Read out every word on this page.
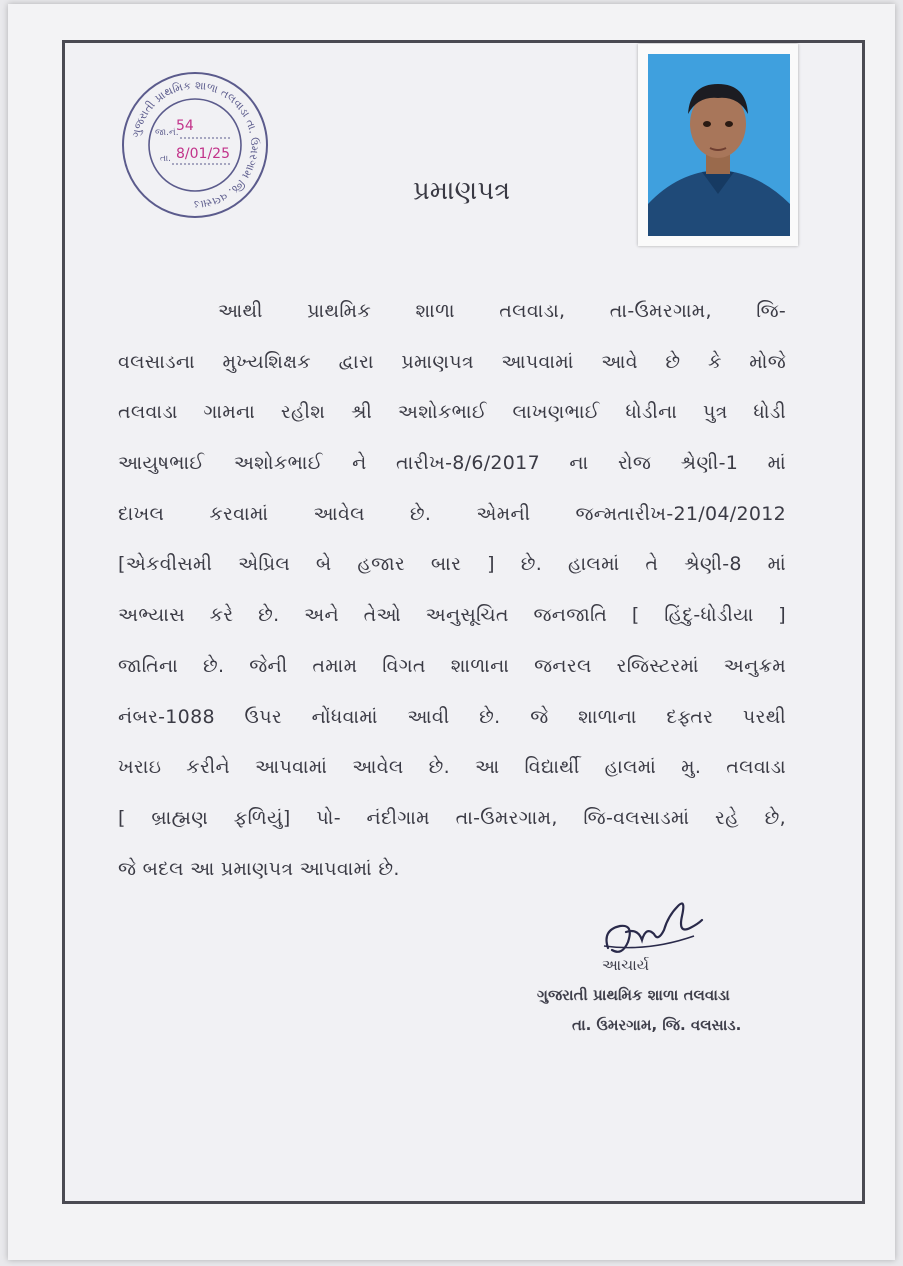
ગુજરાતી પ્રાથમિક શાળા તલવાડા તા. ઉમરગામ જિ. વલસાડ
જા.નં.
54
તા. 8/01/25
પ્રમાણપત્ર
આથી પ્રાથમિક શાળા તલવાડા, તા-ઉમરગામ, જિ-
વલસાડના મુખ્યશિક્ષક દ્વારા પ્રમાણપત્ર આપવામાં આવે છે કે મોજે
તલવાડા ગામના રહીશ શ્રી અશોકભાઈ લાખણભાઈ ધોડીના પુત્ર ધોડી
આયુષભાઈ અશોકભાઈ ને તારીખ-8/6/2017 ના રોજ શ્રેણી-1 માં
દાખલ કરવામાં આવેલ છે. એમની જન્મતારીખ-21/04/2012
[એકવીસમી એપ્રિલ બે હજાર બાર ] છે. હાલમાં તે શ્રેણી-8 માં
અભ્યાસ કરે છે. અને તેઓ અનુસૂચિત જનજાતિ [ હિંદુ-ધોડીયા ]
જાતિના છે. જેની તમામ વિગત શાળાના જનરલ રજિસ્ટરમાં અનુક્રમ
નંબર-1088 ઉપર નોંધવામાં આવી છે. જે શાળાના દફ્તર પરથી
ખરાઇ કરીને આપવામાં આવેલ છે. આ વિદ્યાર્થી હાલમાં મુ. તલવાડા
[ બ્રાહ્મણ ફળિયું] પો- નંદીગામ તા-ઉમરગામ, જિ-વલસાડમાં રહે છે,
જે બદલ આ પ્રમાણપત્ર આપવામાં છે.
આચાર્ય
ગુજરાતી પ્રાથમિક શાળા તલવાડા
તા. ઉમરગામ, જિ. વલસાડ.
